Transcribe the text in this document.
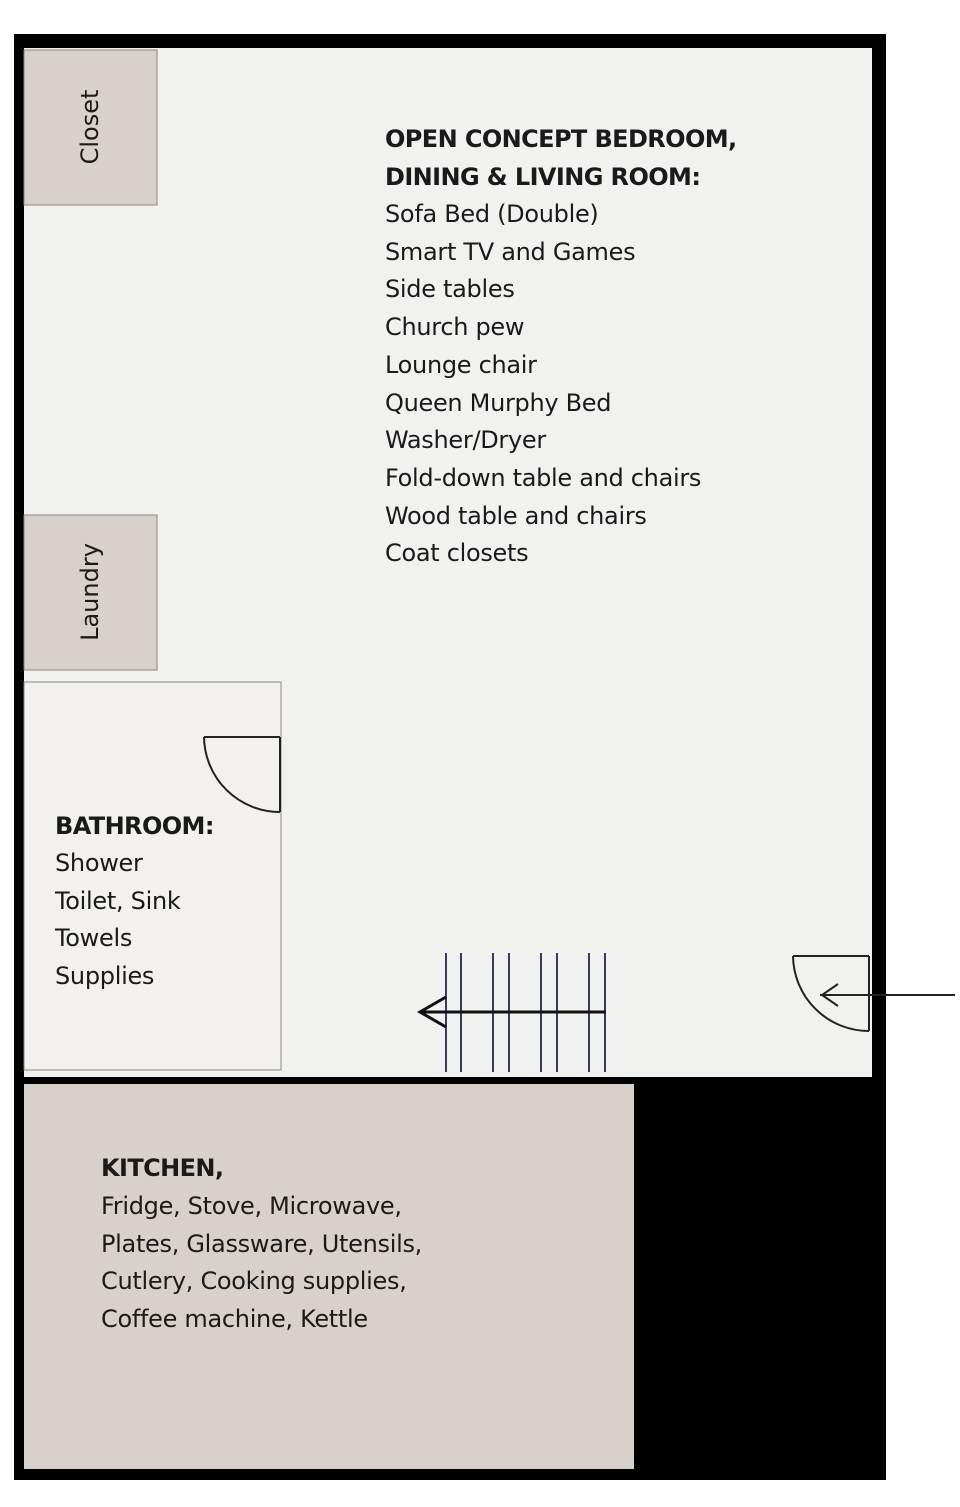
OPEN CONCEPT BEDROOM,
DINING & LIVING ROOM:
Sofa Bed (Double)
Smart TV and Games
Side tables
Church pew
Lounge chair
Queen Murphy Bed
Washer/Dryer
Fold-down table and chairs
Wood table and chairs
Coat closets
Closet
Laundry
BATHROOM:
Shower
Toilet, Sink
Towels
Supplies
KITCHEN,
Fridge, Stove, Microwave,
Plates, Glassware, Utensils,
Cutlery, Cooking supplies,
Coffee machine, Kettle
